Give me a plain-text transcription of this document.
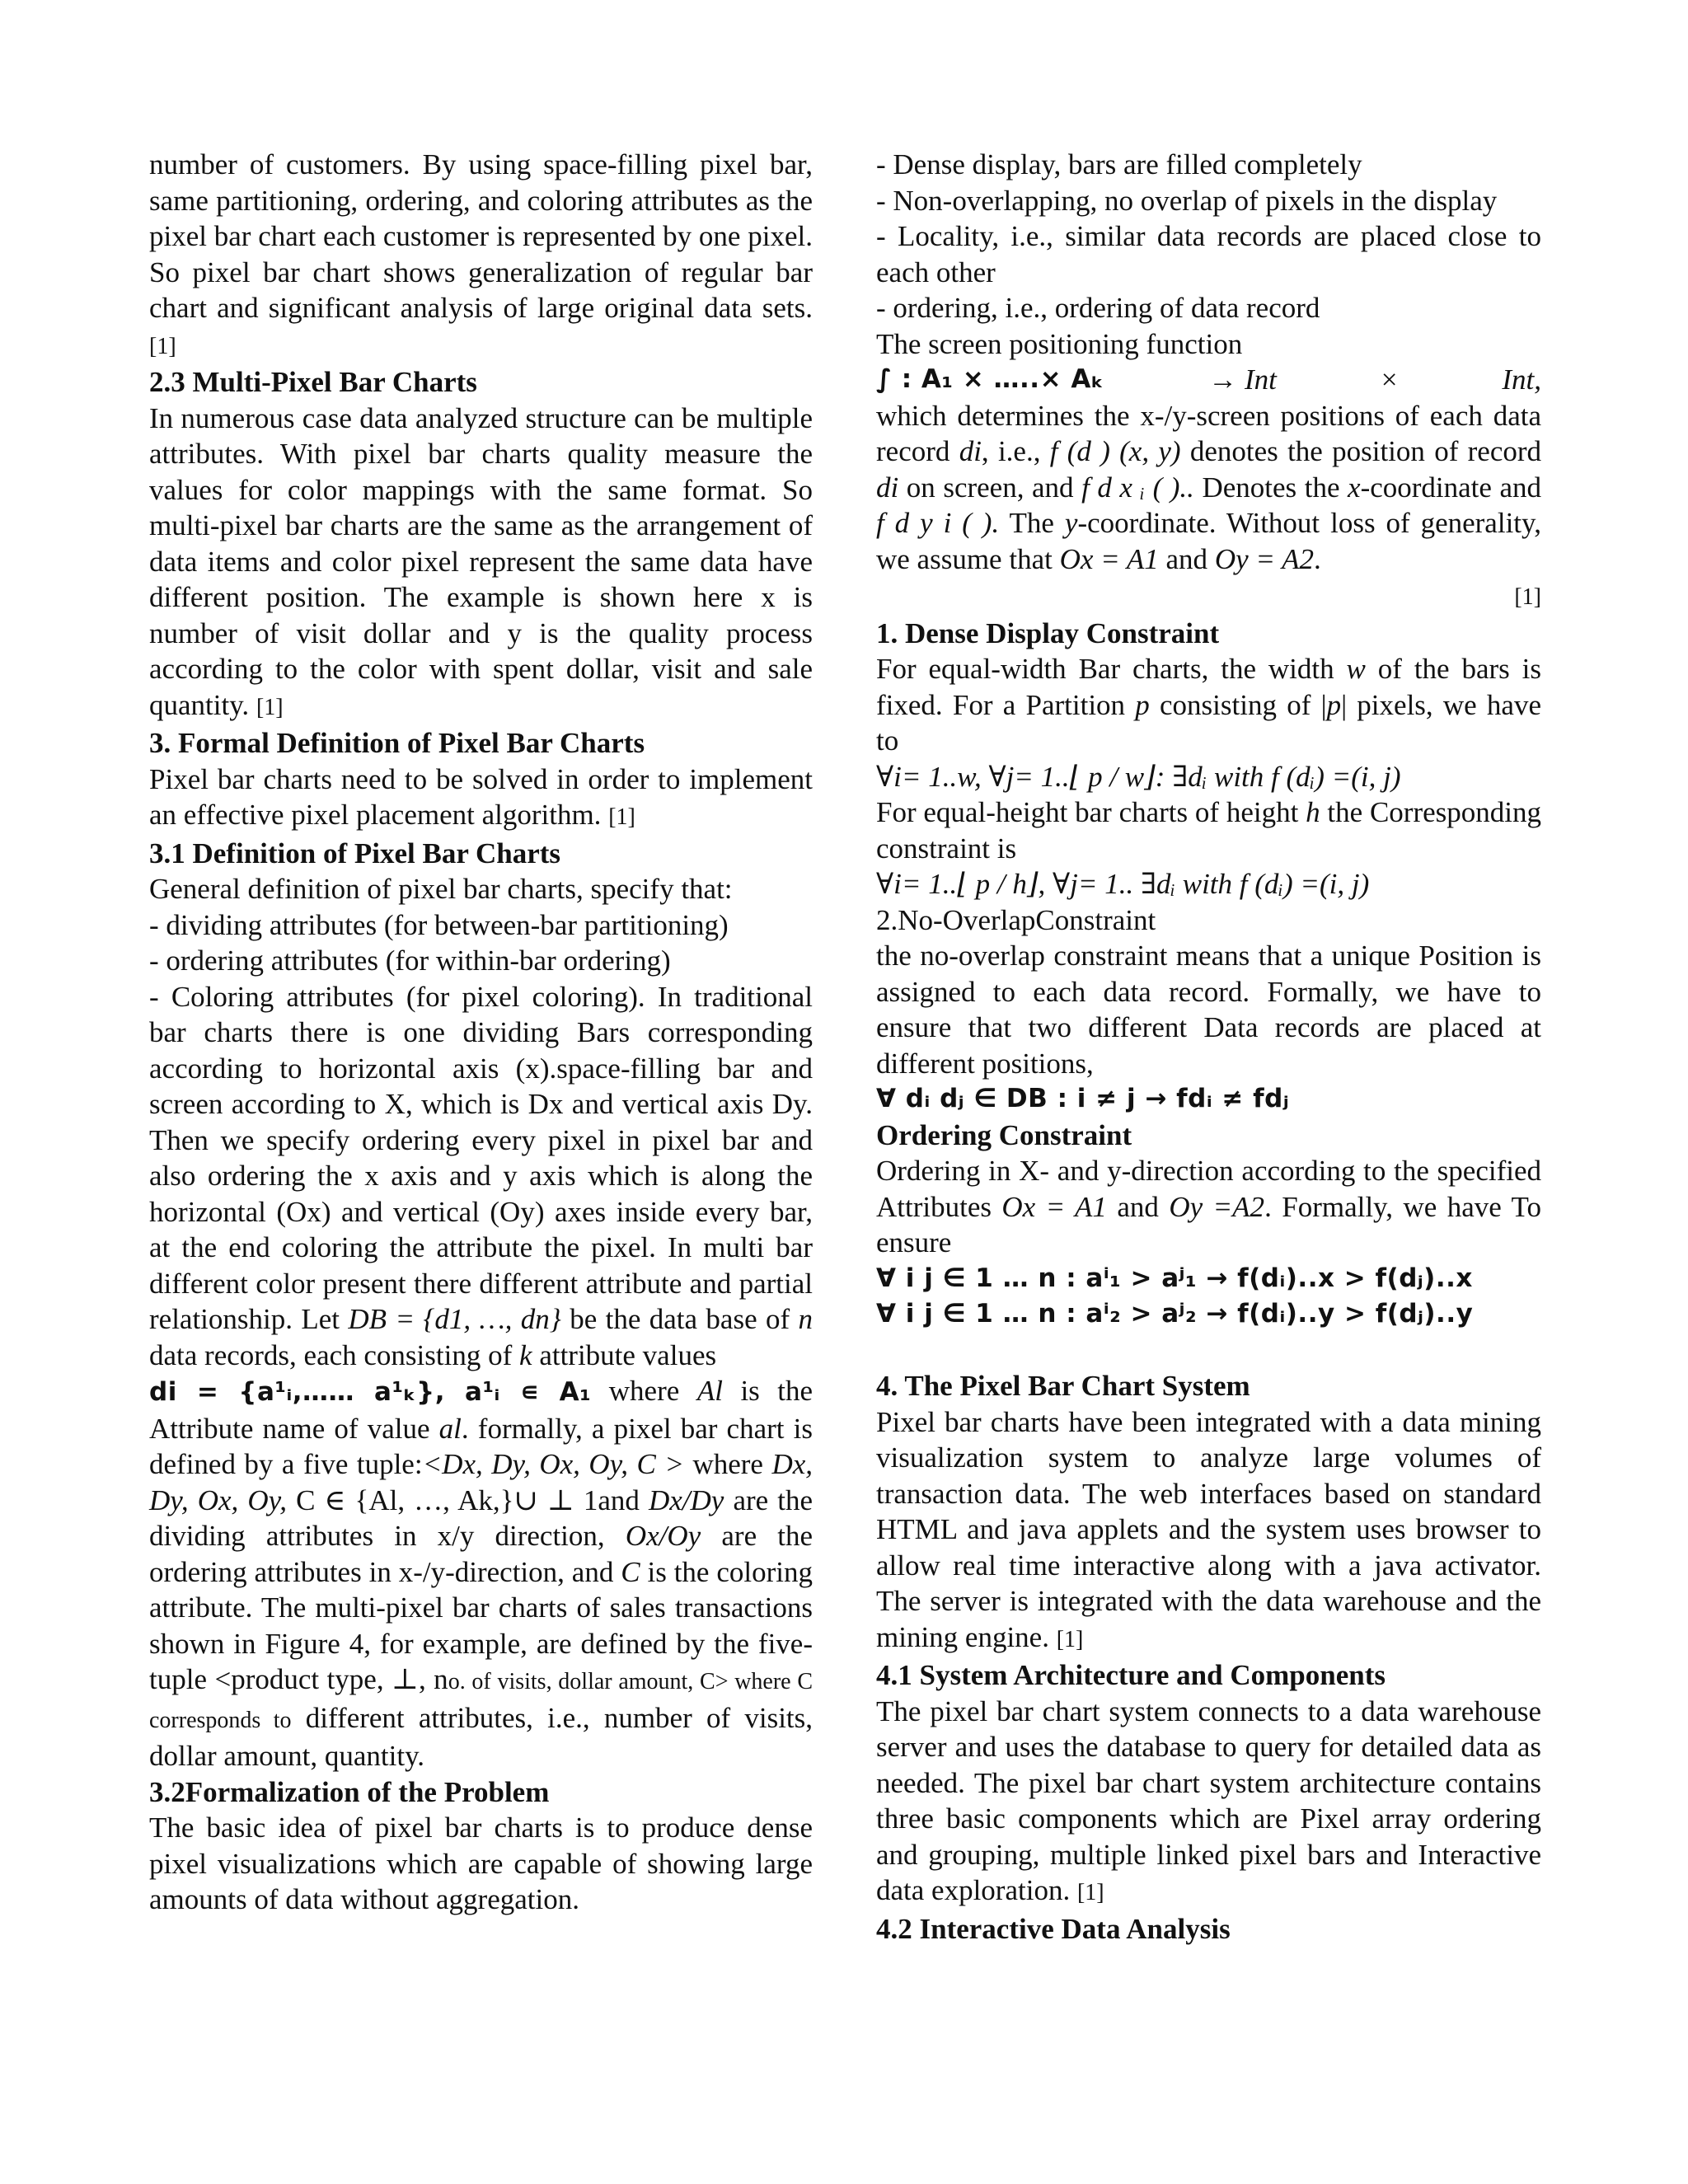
number of customers. By using space-filling pixel bar, same partitioning, ordering, and coloring attributes as the pixel bar chart each customer is represented by one pixel. So pixel bar chart shows generalization of regular bar chart and significant analysis of large original data sets. [1]

2.3 Multi-Pixel Bar Charts

In numerous case data analyzed structure can be multiple attributes. With pixel bar charts quality measure the values for color mappings with the same format. So multi-pixel bar charts are the same as the arrangement of data items and color pixel represent the same data have different position. The example is shown here x is number of visit dollar and y is the quality process according to the color with spent dollar, visit and sale quantity. [1]

3. Formal Definition of Pixel Bar Charts

Pixel bar charts need to be solved in order to implement an effective pixel placement algorithm. [1]

3.1 Definition of Pixel Bar Charts

General definition of pixel bar charts, specify that:

- dividing attributes (for between-bar partitioning)

- ordering attributes (for within-bar ordering)

- Coloring attributes (for pixel coloring). In traditional bar charts there is one dividing Bars corresponding according to horizontal axis (x).space-filling bar and screen according to X, which is Dx and vertical axis Dy. Then we specify ordering every pixel in pixel bar and also ordering the x axis and y axis which is along the horizontal (Ox) and vertical (Oy) axes inside every bar, at the end coloring the attribute the pixel. In multi bar different color present there different attribute and partial relationship. Let DB = {d1, …, dn} be the data base of n data records, each consisting of k attribute values
di = {a¹ᵢ,…… a¹ₖ}, a¹ᵢ ∊ A₁ where Al is the Attribute name of value al. formally, a pixel bar chart is defined by a five tuple:<Dx, Dy, Ox, Oy, C > where Dx, Dy, Ox, Oy, C ∈ {Al, …, Ak,}∪ ⊥ 1and Dx/Dy are the dividing attributes in x/y direction, Ox/Oy are the ordering attributes in x-/y-direction, and C is the coloring attribute. The multi-pixel bar charts of sales transactions shown in Figure 4, for example, are defined by the five-tuple <product type, ⊥, no. of visits, dollar amount, C> where C corresponds to different attributes, i.e., number of visits, dollar amount, quantity.

3.2Formalization of the Problem

The basic idea of pixel bar charts is to produce dense pixel visualizations which are capable of showing large amounts of data without aggregation.

- Dense display, bars are filled completely

- Non-overlapping, no overlap of pixels in the display

- Locality, i.e., similar data records are placed close to each other

- ordering, i.e., ordering of data record

The screen positioning function

∫ : A₁ × …..× Aₖ	→ Int	×	Int,

which determines the x-/y-screen positions of each data record di, i.e., f (d ) (x, y) denotes the position of record di on screen, and f d x ᵢ ( ).. Denotes the x-coordinate and f d y i ( ). The y-coordinate. Without loss of generality, we assume that Ox = A1 and Oy = A2.

[1]

1. Dense Display Constraint

For equal-width Bar charts, the width w of the bars is fixed. For a Partition p consisting of |p| pixels, we have to

∀i= 1..w, ∀j= 1..⌊ p / w⌋: ∃dᵢ with f (dᵢ) =(i, j)

For equal-height bar charts of height h the Corresponding constraint is

∀i= 1..⌊ p / h⌋, ∀j= 1.. ∃dᵢ with f (dᵢ) =(i, j)

2.No-OverlapConstraint

the no-overlap constraint means that a unique Position is assigned to each data record. Formally, we have to ensure that two different Data records are placed at different positions,

∀ dᵢ dⱼ ∈ DB : i ≠ j → fdᵢ ≠ fdⱼ

Ordering Constraint

Ordering in X- and y-direction according to the specified Attributes Ox = A1 and Oy =A2. Formally, we have To ensure

∀ i j ∈ 1 … n : aⁱ₁ > aʲ₁ → f(dᵢ)..x > f(dⱼ)..x

∀ i j ∈ 1 … n : aⁱ₂ > aʲ₂ → f(dᵢ)..y > f(dⱼ)..y

4. The Pixel Bar Chart System

Pixel bar charts have been integrated with a data mining visualization system to analyze large volumes of transaction data. The web interfaces based on standard HTML and java applets and the system uses browser to allow real time interactive along with a java activator. The server is integrated with the data warehouse and the mining engine. [1]

4.1 System Architecture and Components

The pixel bar chart system connects to a data warehouse server and uses the database to query for detailed data as needed. The pixel bar chart system architecture contains three basic components which are Pixel array ordering and grouping, multiple linked pixel bars and Interactive data exploration. [1]

4.2 Interactive Data Analysis
